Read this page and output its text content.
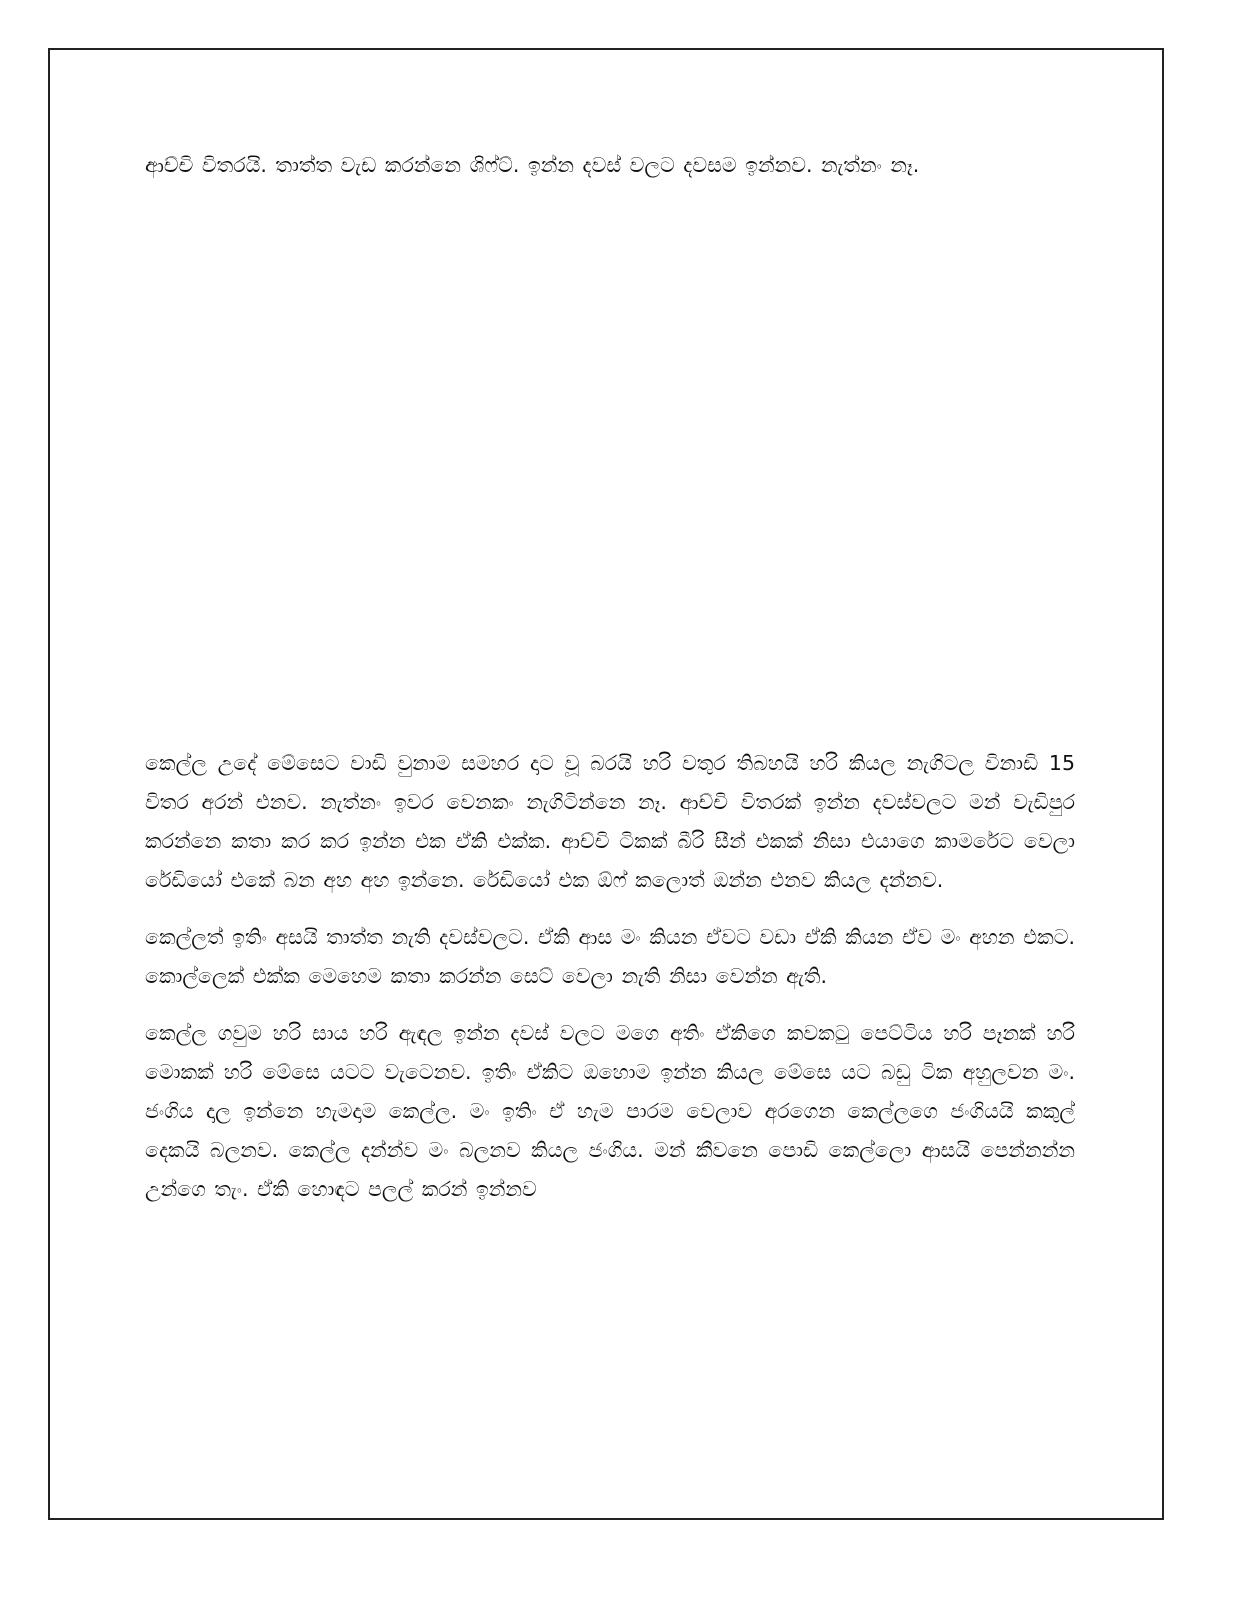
ආච්චි විතරයි. තාත්ත වැඩ කරන්නෙ ශිෆ්ට්. ඉන්න දවස් වලට දවසම ඉන්නව. නැත්නං නෑ.

කෙල්ල උදේ මේසෙට වාඩි වුනාම සමහර දාට වූ බරයි හරි වතුර තිබහයි හරි කියල නැගිටල විනාඩි 15 විතර අරන් එනව. නැත්නං ඉවර වෙනකං නැගිටින්නෙ නෑ. ආච්චි විතරක් ඉන්න දවස්වලට මන් වැඩිපුර කරන්නෙ කතා කර කර ඉන්න එක ඒකි එක්ක. ආච්චි ටිකක් බීරි සීන් එකක් නිසා එයාගෙ කාමරේට වෙලා රේඩියෝ එකේ බන අහ අහ ඉන්නෙ. රේඩියෝ එක ඕෆ් කලොත් ඔන්න එනව කියල දන්නව.

කෙල්ලත් ඉතිං අසයි තාත්ත නැති දවස්වලට. ඒකි ආස මං කියන ඒවට වඩා ඒකි කියන ඒව මං අහන එකට. කොල්ලෙක් එක්ක මෙහෙම කතා කරන්න සෙට් වෙලා නැති නිසා වෙන්න ඇති.

කෙල්ල ගවුම හරි සාය හරි ඇඳල ඉන්න දවස් වලට මගෙ අතිං ඒකිගෙ කවකටු පෙට්ටිය හරි පෑනක් හරි මොකක් හරි මේසෙ යටට වැටෙනව. ඉතිං ඒකිට ඔහොම ඉන්න කියල මේසෙ යට බඩු ටික අහුලවන මං. ජංගිය දාල ඉන්නෙ හැමදාම කෙල්ල. මං ඉතිං ඒ හැම පාරම වෙලාව අරගෙන කෙල්ලගෙ ජංගියයි කකුල් දෙකයි බලනව. කෙල්ල දන්න්ව මං බලනව කියල ජංගිය. මන් කීවනෙ පොඩි කෙල්ලො ආසයි පෙන්නන්න උන්ගෙ තැං. ඒකි හොඳට පලල් කරන් ඉන්නව
